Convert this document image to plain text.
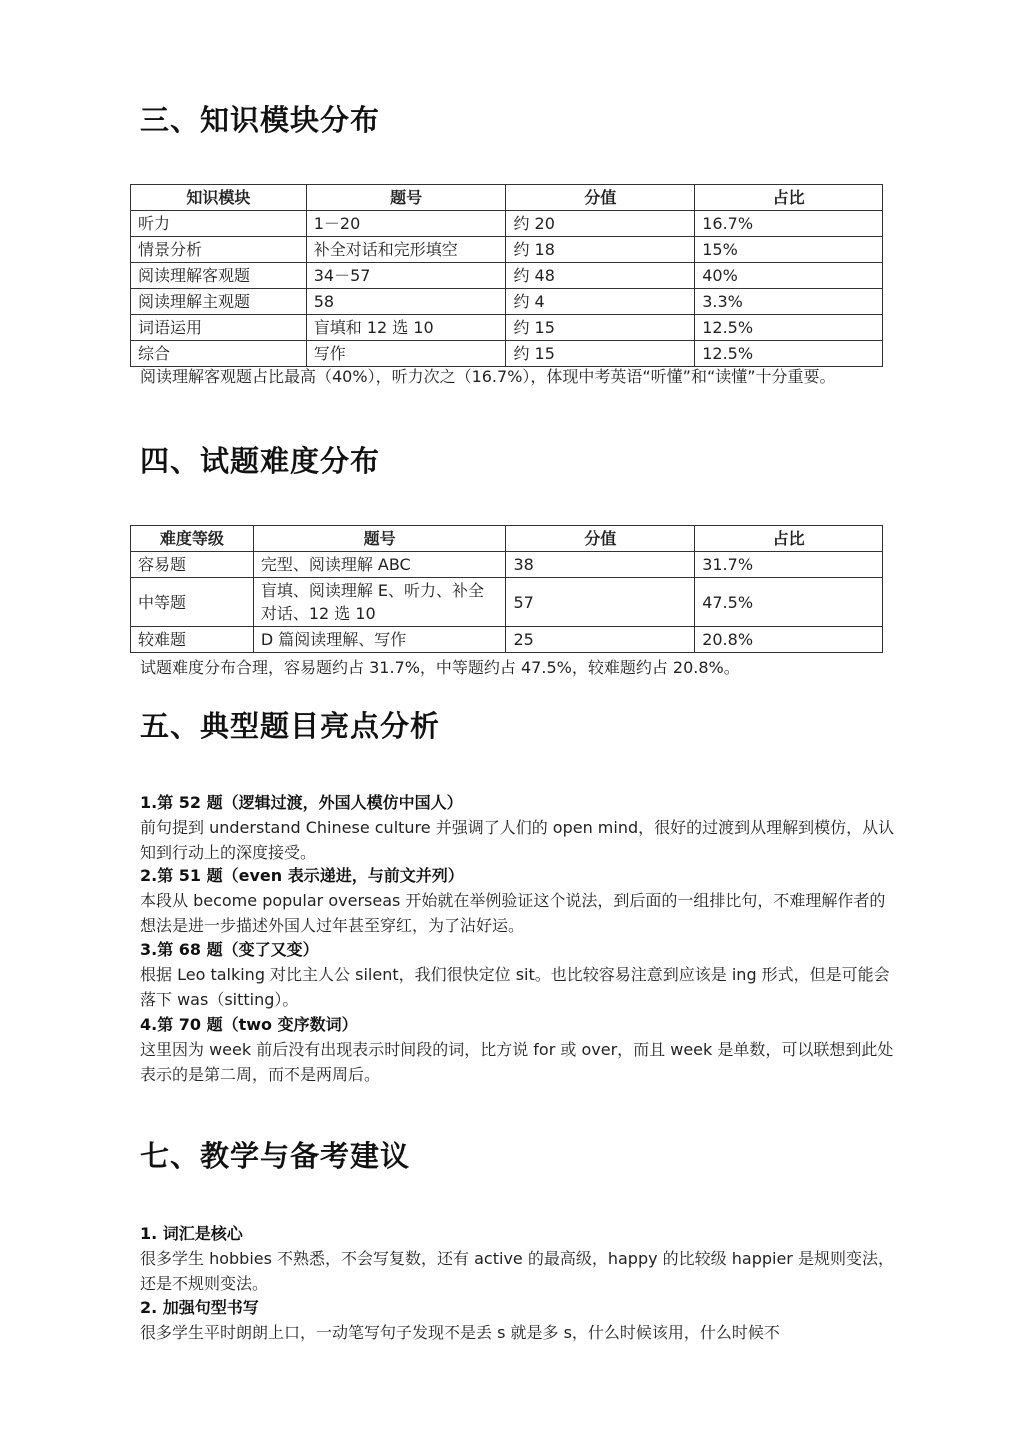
三、知识模块分布
知识模块	题号	分值	占比
听力	1－20	约 20	16.7%
情景分析	补全对话和完形填空	约 18	15%
阅读理解客观题	34－57	约 48	40%
阅读理解主观题	58	约 4	3.3%
词语运用	盲填和 12 选 10	约 15	12.5%
综合	写作	约 15	12.5%

阅读理解客观题占比最高（40%），听力次之（16.7%），体现中考英语“听懂”和“读懂”十分重要。

四、试题难度分布
难度等级	题号	分值	占比
容易题	完型、阅读理解 ABC	38	31.7%
中等题	盲填、阅读理解 E、听力、补全对话、12 选 10	57	47.5%
较难题	D 篇阅读理解、写作	25	20.8%

试题难度分布合理，容易题约占 31.7%，中等题约占 47.5%，较难题约占 20.8%。

五、典型题目亮点分析

1.第 52 题（逻辑过渡，外国人模仿中国人）

前句提到 understand Chinese culture 并强调了人们的 open mind，很好的过渡到从理解到模仿，从认知到行动上的深度接受。

2.第 51 题（even 表示递进，与前文并列）

本段从 become popular overseas 开始就在举例验证这个说法，到后面的一组排比句，不难理解作者的想法是进一步描述外国人过年甚至穿红，为了沾好运。

3.第 68 题（变了又变）

根据 Leo talking 对比主人公 silent，我们很快定位 sit。也比较容易注意到应该是 ing 形式，但是可能会落下 was（sitting）。

4.第 70 题（two 变序数词）

这里因为 week 前后没有出现表示时间段的词，比方说 for 或 over，而且 week 是单数，可以联想到此处表示的是第二周，而不是两周后。

七、教学与备考建议

1. 词汇是核心

很多学生 hobbies 不熟悉，不会写复数，还有 active 的最高级，happy 的比较级 happier 是规则变法，还是不规则变法。

2. 加强句型书写

很多学生平时朗朗上口，一动笔写句子发现不是丢 s 就是多 s，什么时候该用，什么时候不
